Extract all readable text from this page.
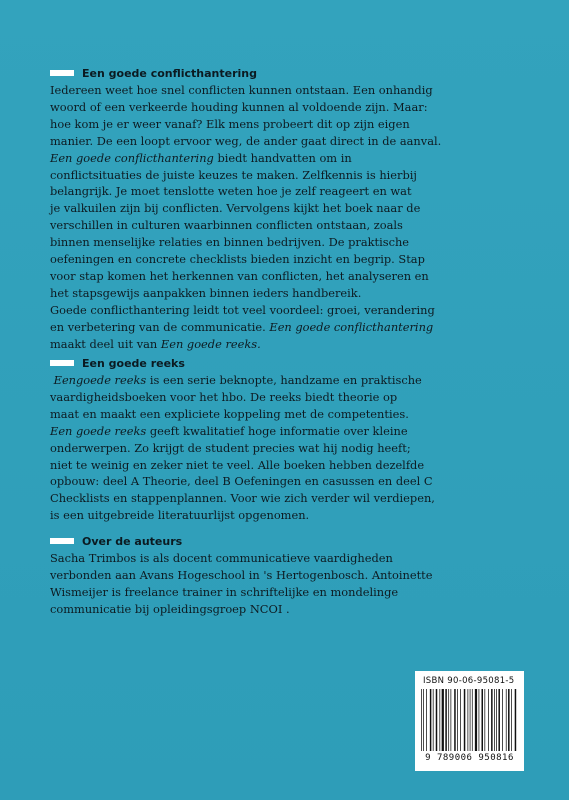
Een goede conflicthantering
Iedereen weet hoe snel conflicten kunnen ontstaan. Een onhandig
woord of een verkeerde houding kunnen al voldoende zijn. Maar:
hoe kom je er weer vanaf? Elk mens probeert dit op zijn eigen
manier. De een loopt ervoor weg, de ander gaat direct in de aanval.
Een goede conflicthantering biedt handvatten om in
conflictsituaties de juiste keuzes te maken. Zelfkennis is hierbij
belangrijk. Je moet tenslotte weten hoe je zelf reageert en wat
je valkuilen zijn bij conflicten. Vervolgens kijkt het boek naar de
verschillen in culturen waarbinnen conflicten ontstaan, zoals
binnen menselijke relaties en binnen bedrijven. De praktische
oefeningen en concrete checklists bieden inzicht en begrip. Stap
voor stap komen het herkennen van conflicten, het analyseren en
het stapsgewijs aanpakken binnen ieders handbereik.
Goede conflicthantering leidt tot veel voordeel: groei, verandering
en verbetering van de communicatie. Een goede conflicthantering
maakt deel uit van Een goede reeks.
Een goede reeks
Eengoede reeks is een serie beknopte, handzame en praktische
vaardigheidsboeken voor het hbo. De reeks biedt theorie op
maat en maakt een expliciete koppeling met de competenties.
Een goede reeks geeft kwalitatief hoge informatie over kleine
onderwerpen. Zo krijgt de student precies wat hij nodig heeft;
niet te weinig en zeker niet te veel. Alle boeken hebben dezelfde
opbouw: deel A Theorie, deel B Oefeningen en casussen en deel C
Checklists en stappenplannen. Voor wie zich verder wil verdiepen,
is een uitgebreide literatuurlijst opgenomen.
Over de auteurs
Sacha Trimbos is als docent communicatieve vaardigheden
verbonden aan Avans Hogeschool in 's Hertogenbosch. Antoinette
Wismeijer is freelance trainer in schriftelijke en mondelinge
communicatie bij opleidingsgroep NCOI .
ISBN 90-06-95081-5
9 789006 950816
